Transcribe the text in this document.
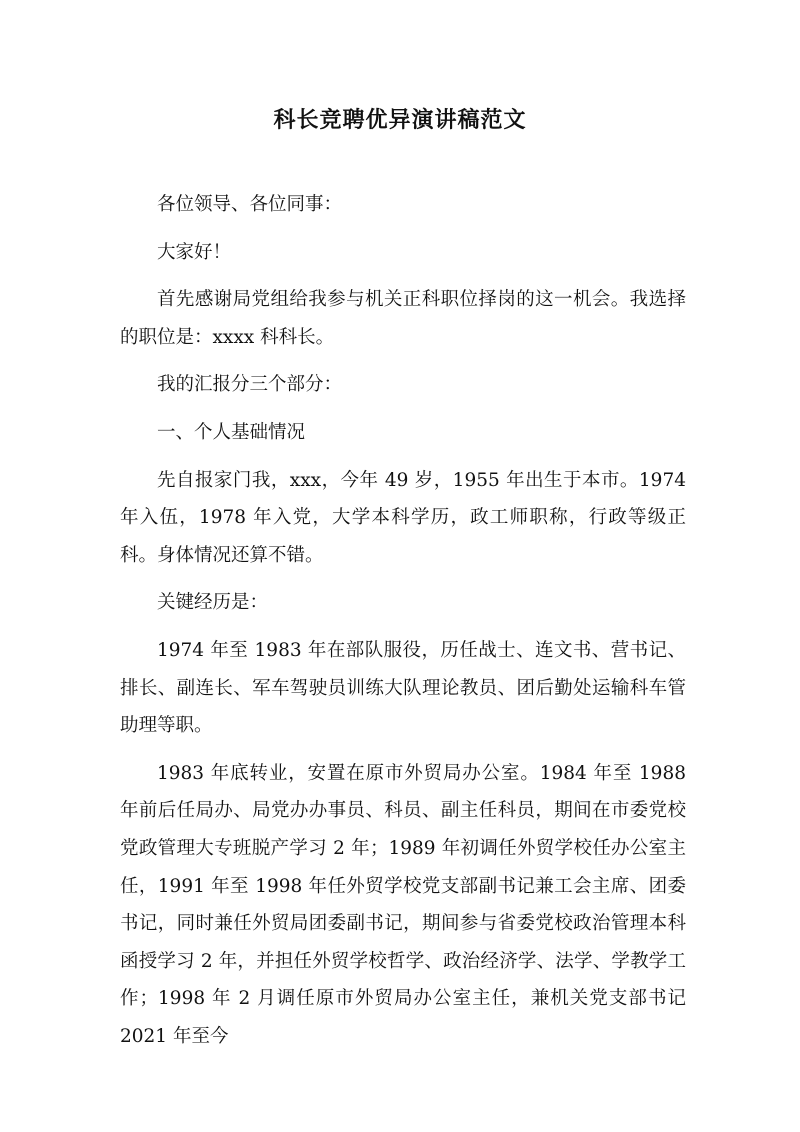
科长竞聘优异演讲稿范文

各位领导、各位同事：

大家好！

首先感谢局党组给我参与机关正科职位择岗的这一机会。我选择的职位是：xxxx 科科长。

我的汇报分三个部分：

一、个人基础情况

先自报家门我，xxx，今年 49 岁，1955 年出生于本市。1974 年入伍，1978 年入党，大学本科学历，政工师职称，行政等级正科。身体情况还算不错。

关键经历是：

1974 年至 1983 年在部队服役，历任战士、连文书、营书记、排长、副连长、军车驾驶员训练大队理论教员、团后勤处运输科车管助理等职。

1983 年底转业，安置在原市外贸局办公室。1984 年至 1988 年前后任局办、局党办办事员、科员、副主任科员，期间在市委党校党政管理大专班脱产学习 2 年；1989 年初调任外贸学校任办公室主任，1991 年至 1998 年任外贸学校党支部副书记兼工会主席、团委书记，同时兼任外贸局团委副书记，期间参与省委党校政治管理本科函授学习 2 年，并担任外贸学校哲学、政治经济学、法学、学教学工作；1998 年 2 月调任原市外贸局办公室主任，兼机关党支部书记 2021 年至今
